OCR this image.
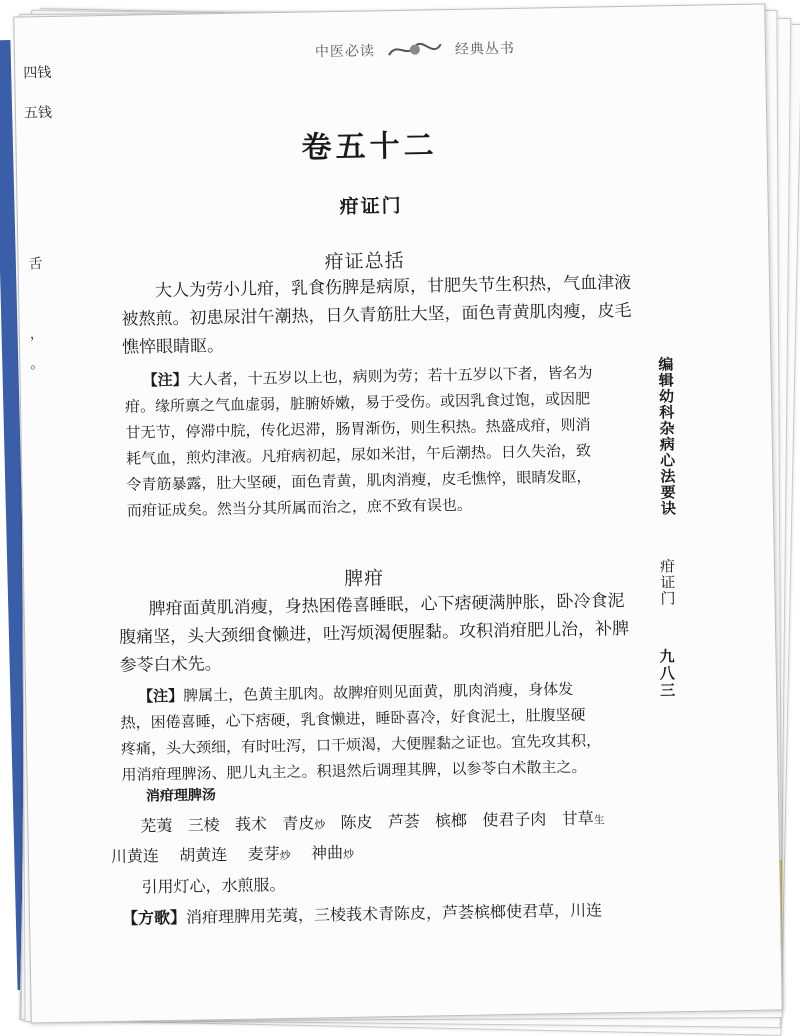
中医必读	经典丛书
四钱
五钱
舌
，
。
卷五十二
疳证门
疳证总括
大人为劳小儿疳，乳食伤脾是病原，甘肥失节生积热，气血津液
被熬煎。初患尿泔午潮热，日久青筋肚大坚，面色青黄肌肉瘦，皮毛
憔悴眼睛眍。
【注】大人者，十五岁以上也，病则为劳；若十五岁以下者，皆名为
疳。缘所禀之气血虚弱，脏腑娇嫩，易于受伤。或因乳食过饱，或因肥
甘无节，停滞中脘，传化迟滞，肠胃渐伤，则生积热。热盛成疳，则消
耗气血，煎灼津液。凡疳病初起，尿如米泔，午后潮热。日久失治，致
令青筋暴露，肚大坚硬，面色青黄，肌肉消瘦，皮毛憔悴，眼睛发眍，
而疳证成矣。然当分其所属而治之，庶不致有误也。
脾疳
脾疳面黄肌消瘦，身热困倦喜睡眠，心下痞硬满肿胀，卧冷食泥
腹痛坚，头大颈细食懒进，吐泻烦渴便腥黏。攻积消疳肥儿治，补脾
参苓白术先。
【注】脾属土，色黄主肌肉。故脾疳则见面黄，肌肉消瘦，身体发
热，困倦喜睡，心下痞硬，乳食懒进，睡卧喜冷，好食泥土，肚腹坚硬
疼痛，头大颈细，有时吐泻，口干烦渴，大便腥黏之证也。宜先攻其积，
用消疳理脾汤、肥儿丸主之。积退然后调理其脾，以参苓白术散主之。
消疳理脾汤
芜荑 三棱 莪术 青皮炒 陈皮 芦荟 槟榔 使君子肉 甘草生
川黄连 胡黄连 麦芽炒 神曲炒
引用灯心，水煎服。
【方歌】消疳理脾用芜荑，三棱莪术青陈皮，芦荟槟榔使君草，川连
编辑幼科杂病心法要诀
疳证门
九八三
